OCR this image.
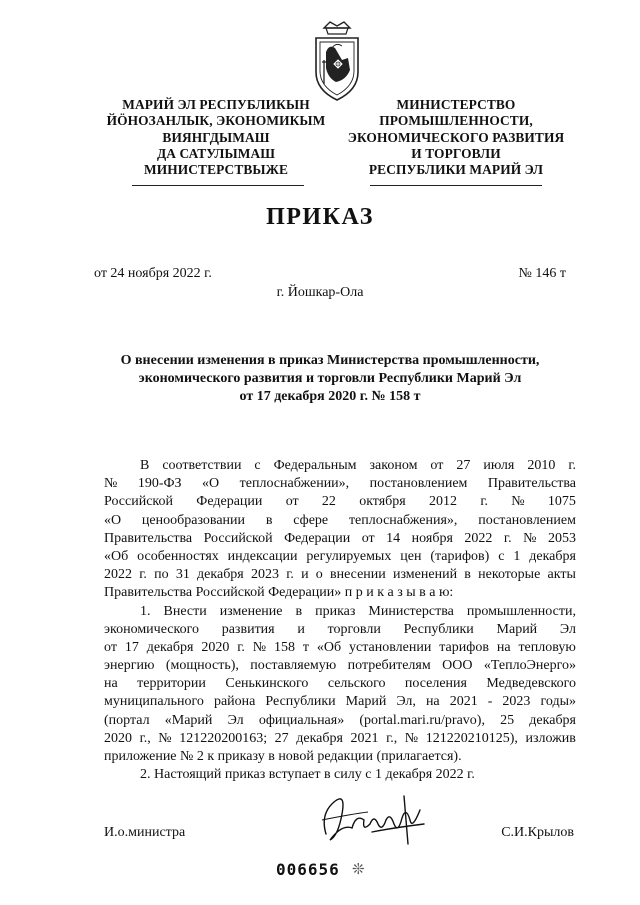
МАРИЙ ЭЛ РЕСПУБЛИКЫН
ЙÖНОЗАНЛЫК, ЭКОНОМИКЫМ
ВИЯНГДЫМАШ
ДА САТУЛЫМАШ
МИНИСТЕРСТВЫЖЕ
МИНИСТЕРСТВО
ПРОМЫШЛЕННОСТИ,
ЭКОНОМИЧЕСКОГО РАЗВИТИЯ
И ТОРГОВЛИ
РЕСПУБЛИКИ МАРИЙ ЭЛ
ПРИКАЗ
от 24 ноября 2022 г.	№ 146 т
г. Йошкар-Ола
О внесении изменения в приказ Министерства промышленности,
экономического развития и торговли Республики Марий Эл
от 17 декабря 2020 г. № 158 т
В соответствии с Федеральным законом от 27 июля 2010 г.
№ 190-ФЗ «О теплоснабжении», постановлением Правительства
Российской Федерации от 22 октября 2012 г. № 1075
«О ценообразовании в сфере теплоснабжения», постановлением
Правительства Российской Федерации от 14 ноября 2022 г. № 2053
«Об особенностях индексации регулируемых цен (тарифов) с 1 декабря
2022 г. по 31 декабря 2023 г. и о внесении изменений в некоторые акты
Правительства Российской Федерации» п р и к а з ы в а ю:
1. Внести изменение в приказ Министерства промышленности,
экономического развития и торговли Республики Марий Эл
от 17 декабря 2020 г. № 158 т «Об установлении тарифов на тепловую
энергию (мощность), поставляемую потребителям ООО «ТеплоЭнерго»
на территории Сенькинского сельского поселения Медведевского
муниципального района Республики Марий Эл, на 2021 - 2023 годы»
(портал «Марий Эл официальная» (portal.mari.ru/pravo), 25 декабря
2020 г., № 121220200163; 27 декабря 2021 г., № 121220210125), изложив
приложение № 2 к приказу в новой редакции (прилагается).
2. Настоящий приказ вступает в силу с 1 декабря 2022 г.
И.о.министра	С.И.Крылов
006656 ❊
